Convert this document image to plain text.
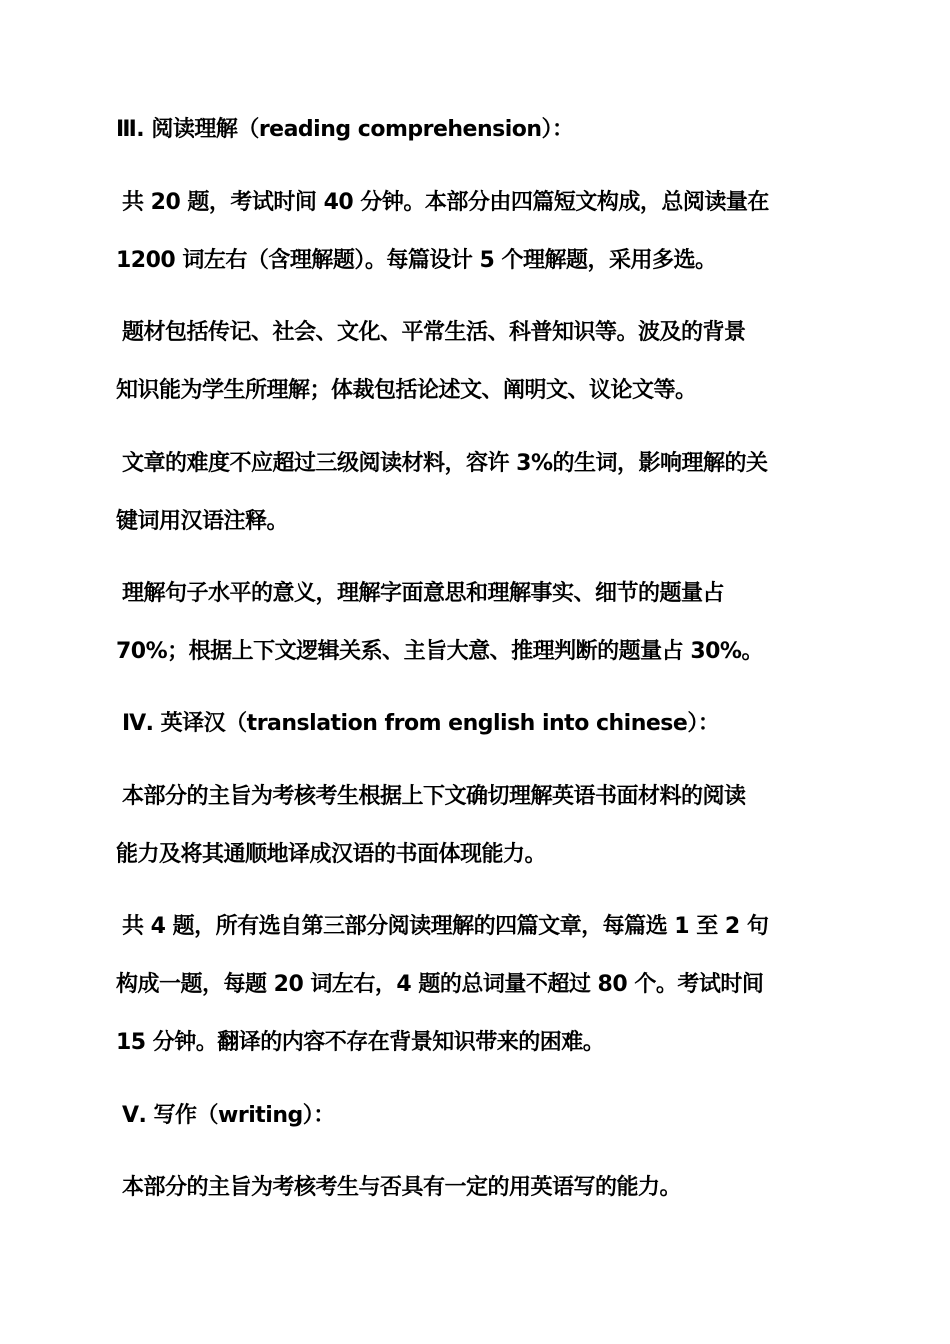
Ⅲ. 阅读理解（reading comprehension）：
共 20 题，考试时间 40 分钟。本部分由四篇短文构成，总阅读量在
1200 词左右（含理解题）。每篇设计 5 个理解题，采用多选。
题材包括传记、社会、文化、平常生活、科普知识等。波及的背景
知识能为学生所理解；体裁包括论述文、阐明文、议论文等。
文章的难度不应超过三级阅读材料，容许 3%的生词，影响理解的关
键词用汉语注释。
理解句子水平的意义，理解字面意思和理解事实、细节的题量占
70%；根据上下文逻辑关系、主旨大意、推理判断的题量占 30%。
Ⅳ. 英译汉（translation from english into chinese）：
本部分的主旨为考核考生根据上下文确切理解英语书面材料的阅读
能力及将其通顺地译成汉语的书面体现能力。
共 4 题，所有选自第三部分阅读理解的四篇文章，每篇选 1 至 2 句
构成一题，每题 20 词左右，4 题的总词量不超过 80 个。考试时间
15 分钟。翻译的内容不存在背景知识带来的困难。
Ⅴ. 写作（writing）：
本部分的主旨为考核考生与否具有一定的用英语写的能力。
